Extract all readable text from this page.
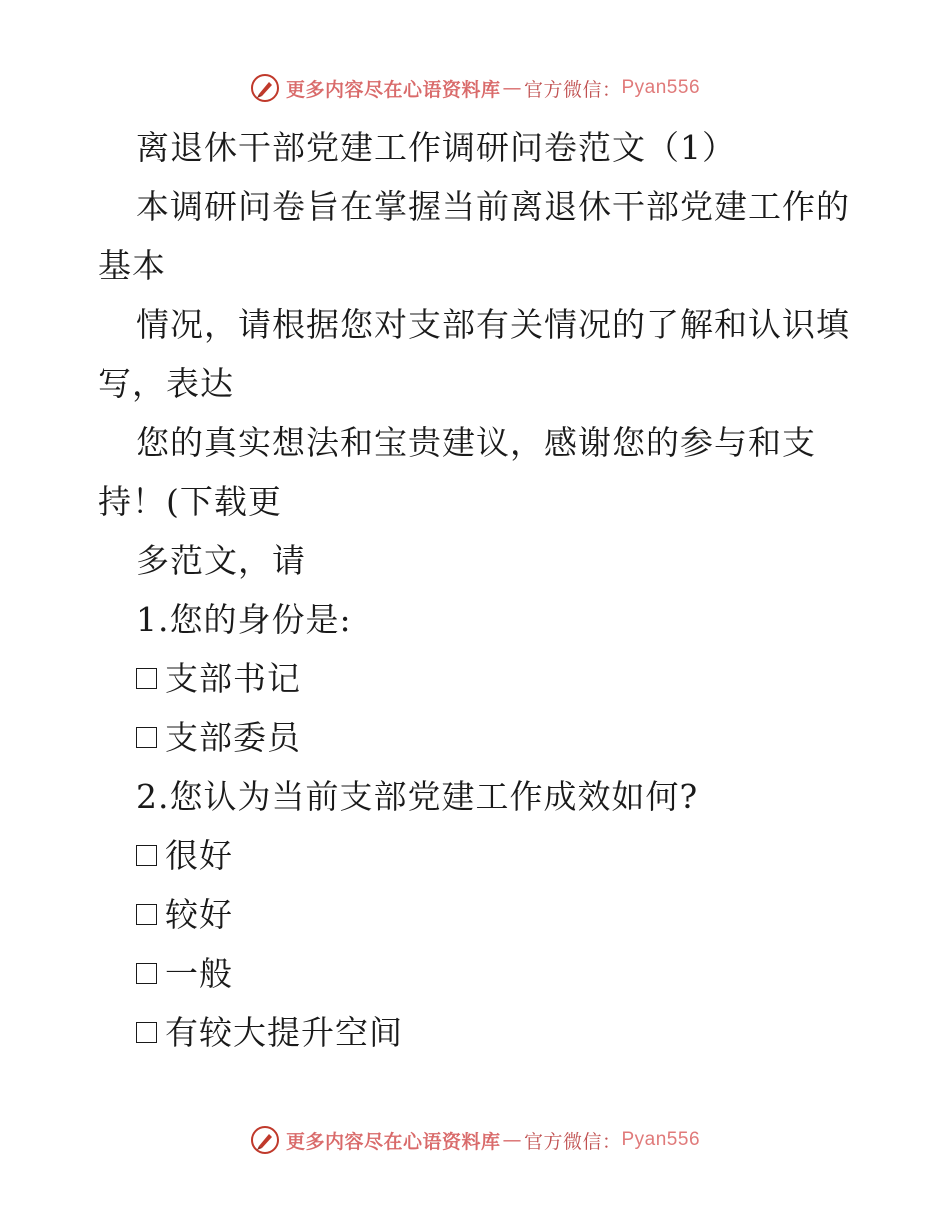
更多内容尽在心语资料库 — 官方微信： Pyan556
离退休干部党建工作调研问卷范文（1）
本调研问卷旨在掌握当前离退休干部党建工作的
基本
情况，请根据您对支部有关情况的了解和认识填
写，表达
您的真实想法和宝贵建议，感谢您的参与和支
持！(下载更
多范文，请
1.您的身份是:
支部书记
支部委员
2.您认为当前支部党建工作成效如何?
很好
较好
一般
有较大提升空间
更多内容尽在心语资料库 — 官方微信： Pyan556
